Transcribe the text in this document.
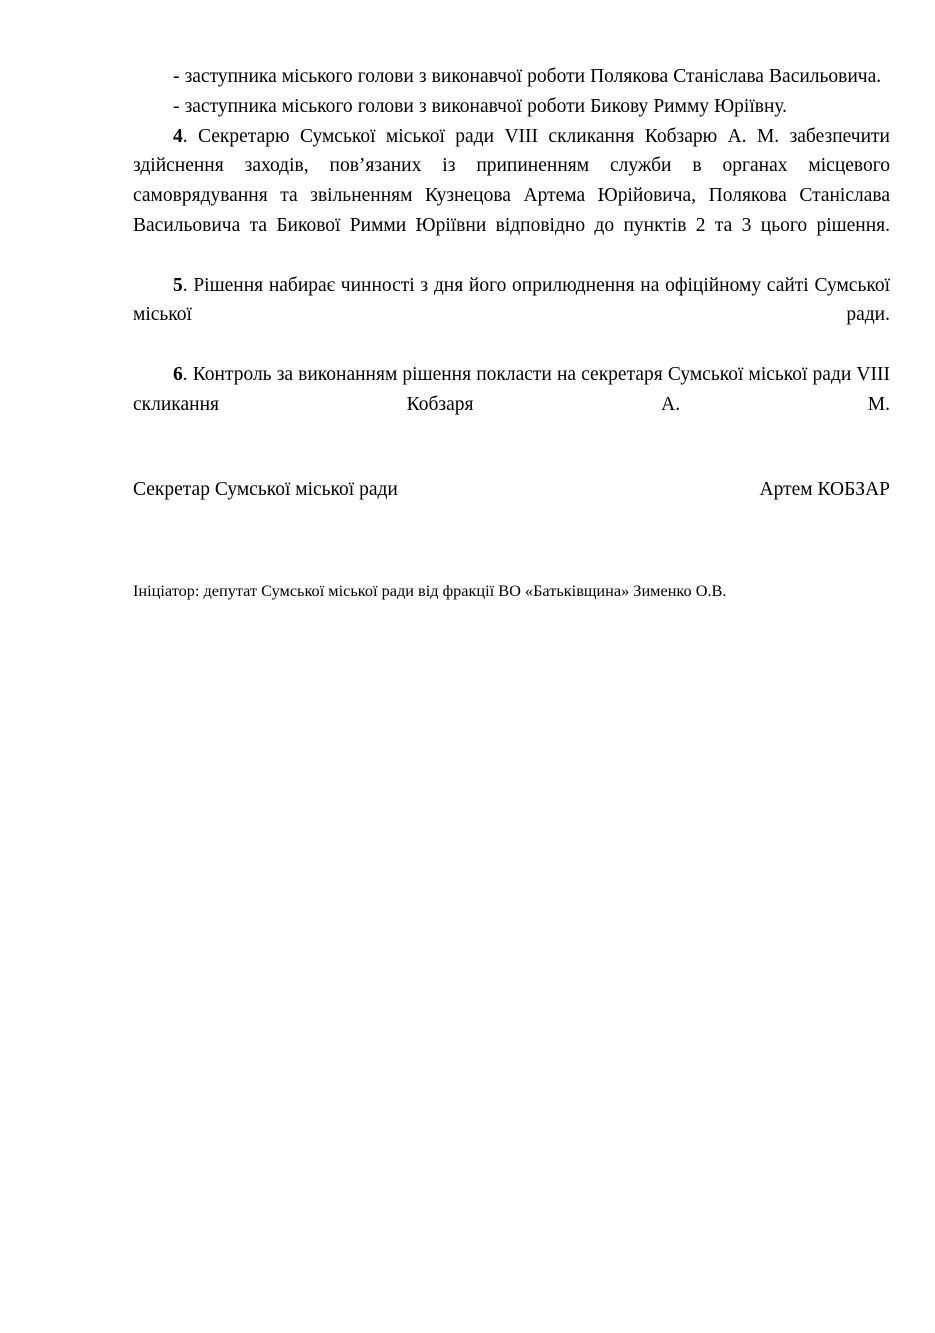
- заступника міського голови з виконавчої роботи Полякова Станіслава Васильовича.

- заступника міського голови з виконавчої роботи Бикову Римму Юріївну.

4. Секретарю Сумської міської ради VIII скликання Кобзарю А. М. забезпечити здійснення заходів, пов’язаних із припиненням служби в органах місцевого самоврядування та звільненням Кузнецова Артема Юрійовича, Полякова Станіслава Васильовича та Бикової Римми Юріївни відповідно до пунктів 2 та 3 цього рішення.

5. Рішення набирає чинності з дня його оприлюднення на офіційному сайті Сумської міської ради.

6. Контроль за виконанням рішення покласти на секретаря Сумської міської ради VIII скликання Кобзаря А. М.

Секретар Сумської міської ради	Артем КОБЗАР
Ініціатор: депутат Сумської міської ради від фракції ВО «Батьківщина» Зименко О.В.
